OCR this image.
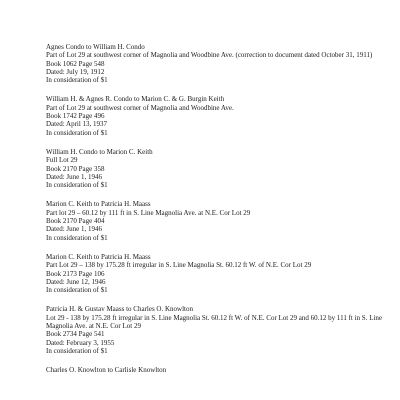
Agnes Condo to William H. Condo
Part of Lot 29 at southwest corner of Magnolia and Woodbine Ave. (correction to document dated October 31, 1911)
Book 1062 Page 548
Dated: July 19, 1912
In consideration of $1
William H. & Agnes R. Condo to Marion C. & G. Burgin Keith
Part of Lot 29 at southwest corner of Magnolia and Woodbine Ave.
Book 1742 Page 496
Dated: April 13, 1937
In consideration of $1
William H. Condo to Marion C. Keith
Full Lot 29
Book 2170 Page 358
Dated: June 1, 1946
In consideration of $1
Marion C. Keith to Patricia H. Maass
Part lot 29 – 60.12 by 111 ft in S. Line Magnolia Ave. at N.E. Cor Lot 29
Book 2170 Page 404
Dated: June 1, 1946
In consideration of $1
Marion C. Keith to Patricia H. Maass
Part Lot 29 – 138 by 175.28 ft irregular in S. Line Magnolia St. 60.12 ft W. of N.E. Cor Lot 29
Book 2173 Page 106
Dated: June 12, 1946
In consideration of $1
Patricia H. & Gustav Maass to Charles O. Knowlton
Lot 29 - 138 by 175.28 ft irregular in S. Line Magnolia St. 60.12 ft W. of N.E. Cor Lot 29 and 60.12 by 111 ft in S. Line Magnolia Ave. at N.E. Cor Lot 29
Book 2734 Page 541
Dated: February 3, 1955
In consideration of $1
Charles O. Knowlton to Carlisle Knowlton
